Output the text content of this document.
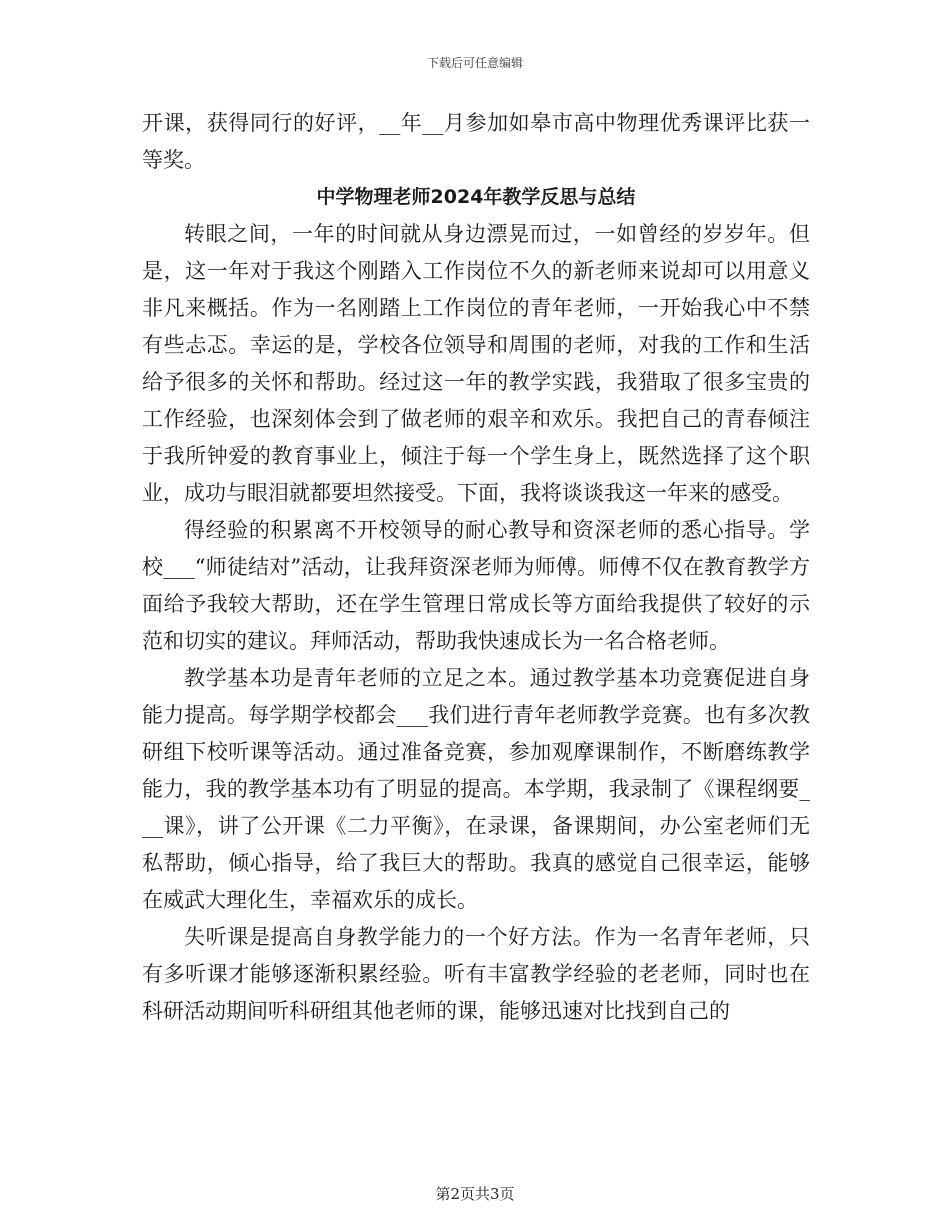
下载后可任意编辑

开课，获得同行的好评，__年__月参加如皋市高中物理优秀课评比获一等奖。

中学物理老师2024年教学反思与总结

转眼之间，一年的时间就从身边漂晃而过，一如曾经的岁岁年。但是，这一年对于我这个刚踏入工作岗位不久的新老师来说却可以用意义非凡来概括。作为一名刚踏上工作岗位的青年老师，一开始我心中不禁有些忐忑。幸运的是，学校各位领导和周围的老师，对我的工作和生活给予很多的关怀和帮助。经过这一年的教学实践，我猎取了很多宝贵的工作经验，也深刻体会到了做老师的艰辛和欢乐。我把自己的青春倾注于我所钟爱的教育事业上，倾注于每一个学生身上，既然选择了这个职业，成功与眼泪就都要坦然接受。下面，我将谈谈我这一年来的感受。

得经验的积累离不开校领导的耐心教导和资深老师的悉心指导。学校___“师徒结对”活动，让我拜资深老师为师傅。师傅不仅在教育教学方面给予我较大帮助，还在学生管理日常成长等方面给我提供了较好的示范和切实的建议。拜师活动，帮助我快速成长为一名合格老师。

教学基本功是青年老师的立足之本。通过教学基本功竞赛促进自身能力提高。每学期学校都会___我们进行青年老师教学竞赛。也有多次教研组下校听课等活动。通过准备竞赛，参加观摩课制作，不断磨练教学能力，我的教学基本功有了明显的提高。本学期，我录制了《课程纲要___课》，讲了公开课《二力平衡》，在录课，备课期间，办公室老师们无私帮助，倾心指导，给了我巨大的帮助。我真的感觉自己很幸运，能够在威武大理化生，幸福欢乐的成长。

失听课是提高自身教学能力的一个好方法。作为一名青年老师，只有多听课才能够逐渐积累经验。听有丰富教学经验的老老师，同时也在科研活动期间听科研组其他老师的课，能够迅速对比找到自己的

第2页共3页
